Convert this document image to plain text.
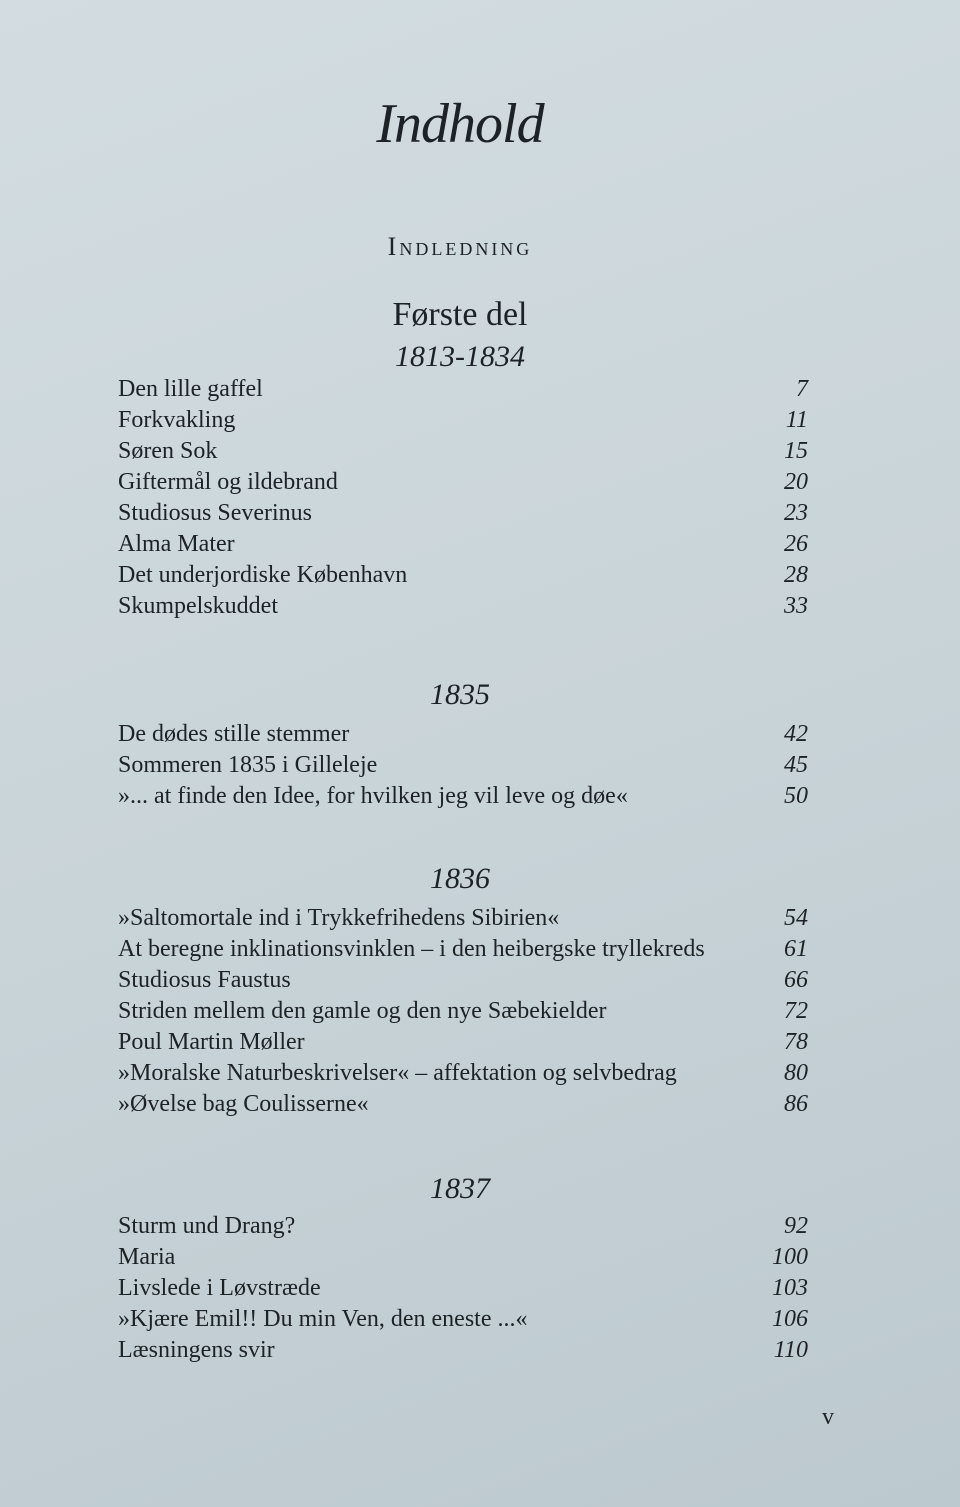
Indhold
Indledning
Første del
1813-1834
Den lille gaffel	7
Forkvakling	11
Søren Sok	15
Giftermål og ildebrand	20
Studiosus Severinus	23
Alma Mater	26
Det underjordiske København	28
Skumpelskuddet	33
1835
De dødes stille stemmer	42
Sommeren 1835 i Gilleleje	45
»... at finde den Idee, for hvilken jeg vil leve og døe«	50
1836
»Saltomortale ind i Trykkefrihedens Sibirien«	54
At beregne inklinationsvinklen – i den heibergske tryllekreds	61
Studiosus Faustus	66
Striden mellem den gamle og den nye Sæbekielder	72
Poul Martin Møller	78
»Moralske Naturbeskrivelser« – affektation og selvbedrag	80
»Øvelse bag Coulisserne«	86
1837
Sturm und Drang?	92
Maria	100
Livslede i Løvstræde	103
»Kjære Emil!! Du min Ven, den eneste ...«	106
Læsningens svir	110
v
